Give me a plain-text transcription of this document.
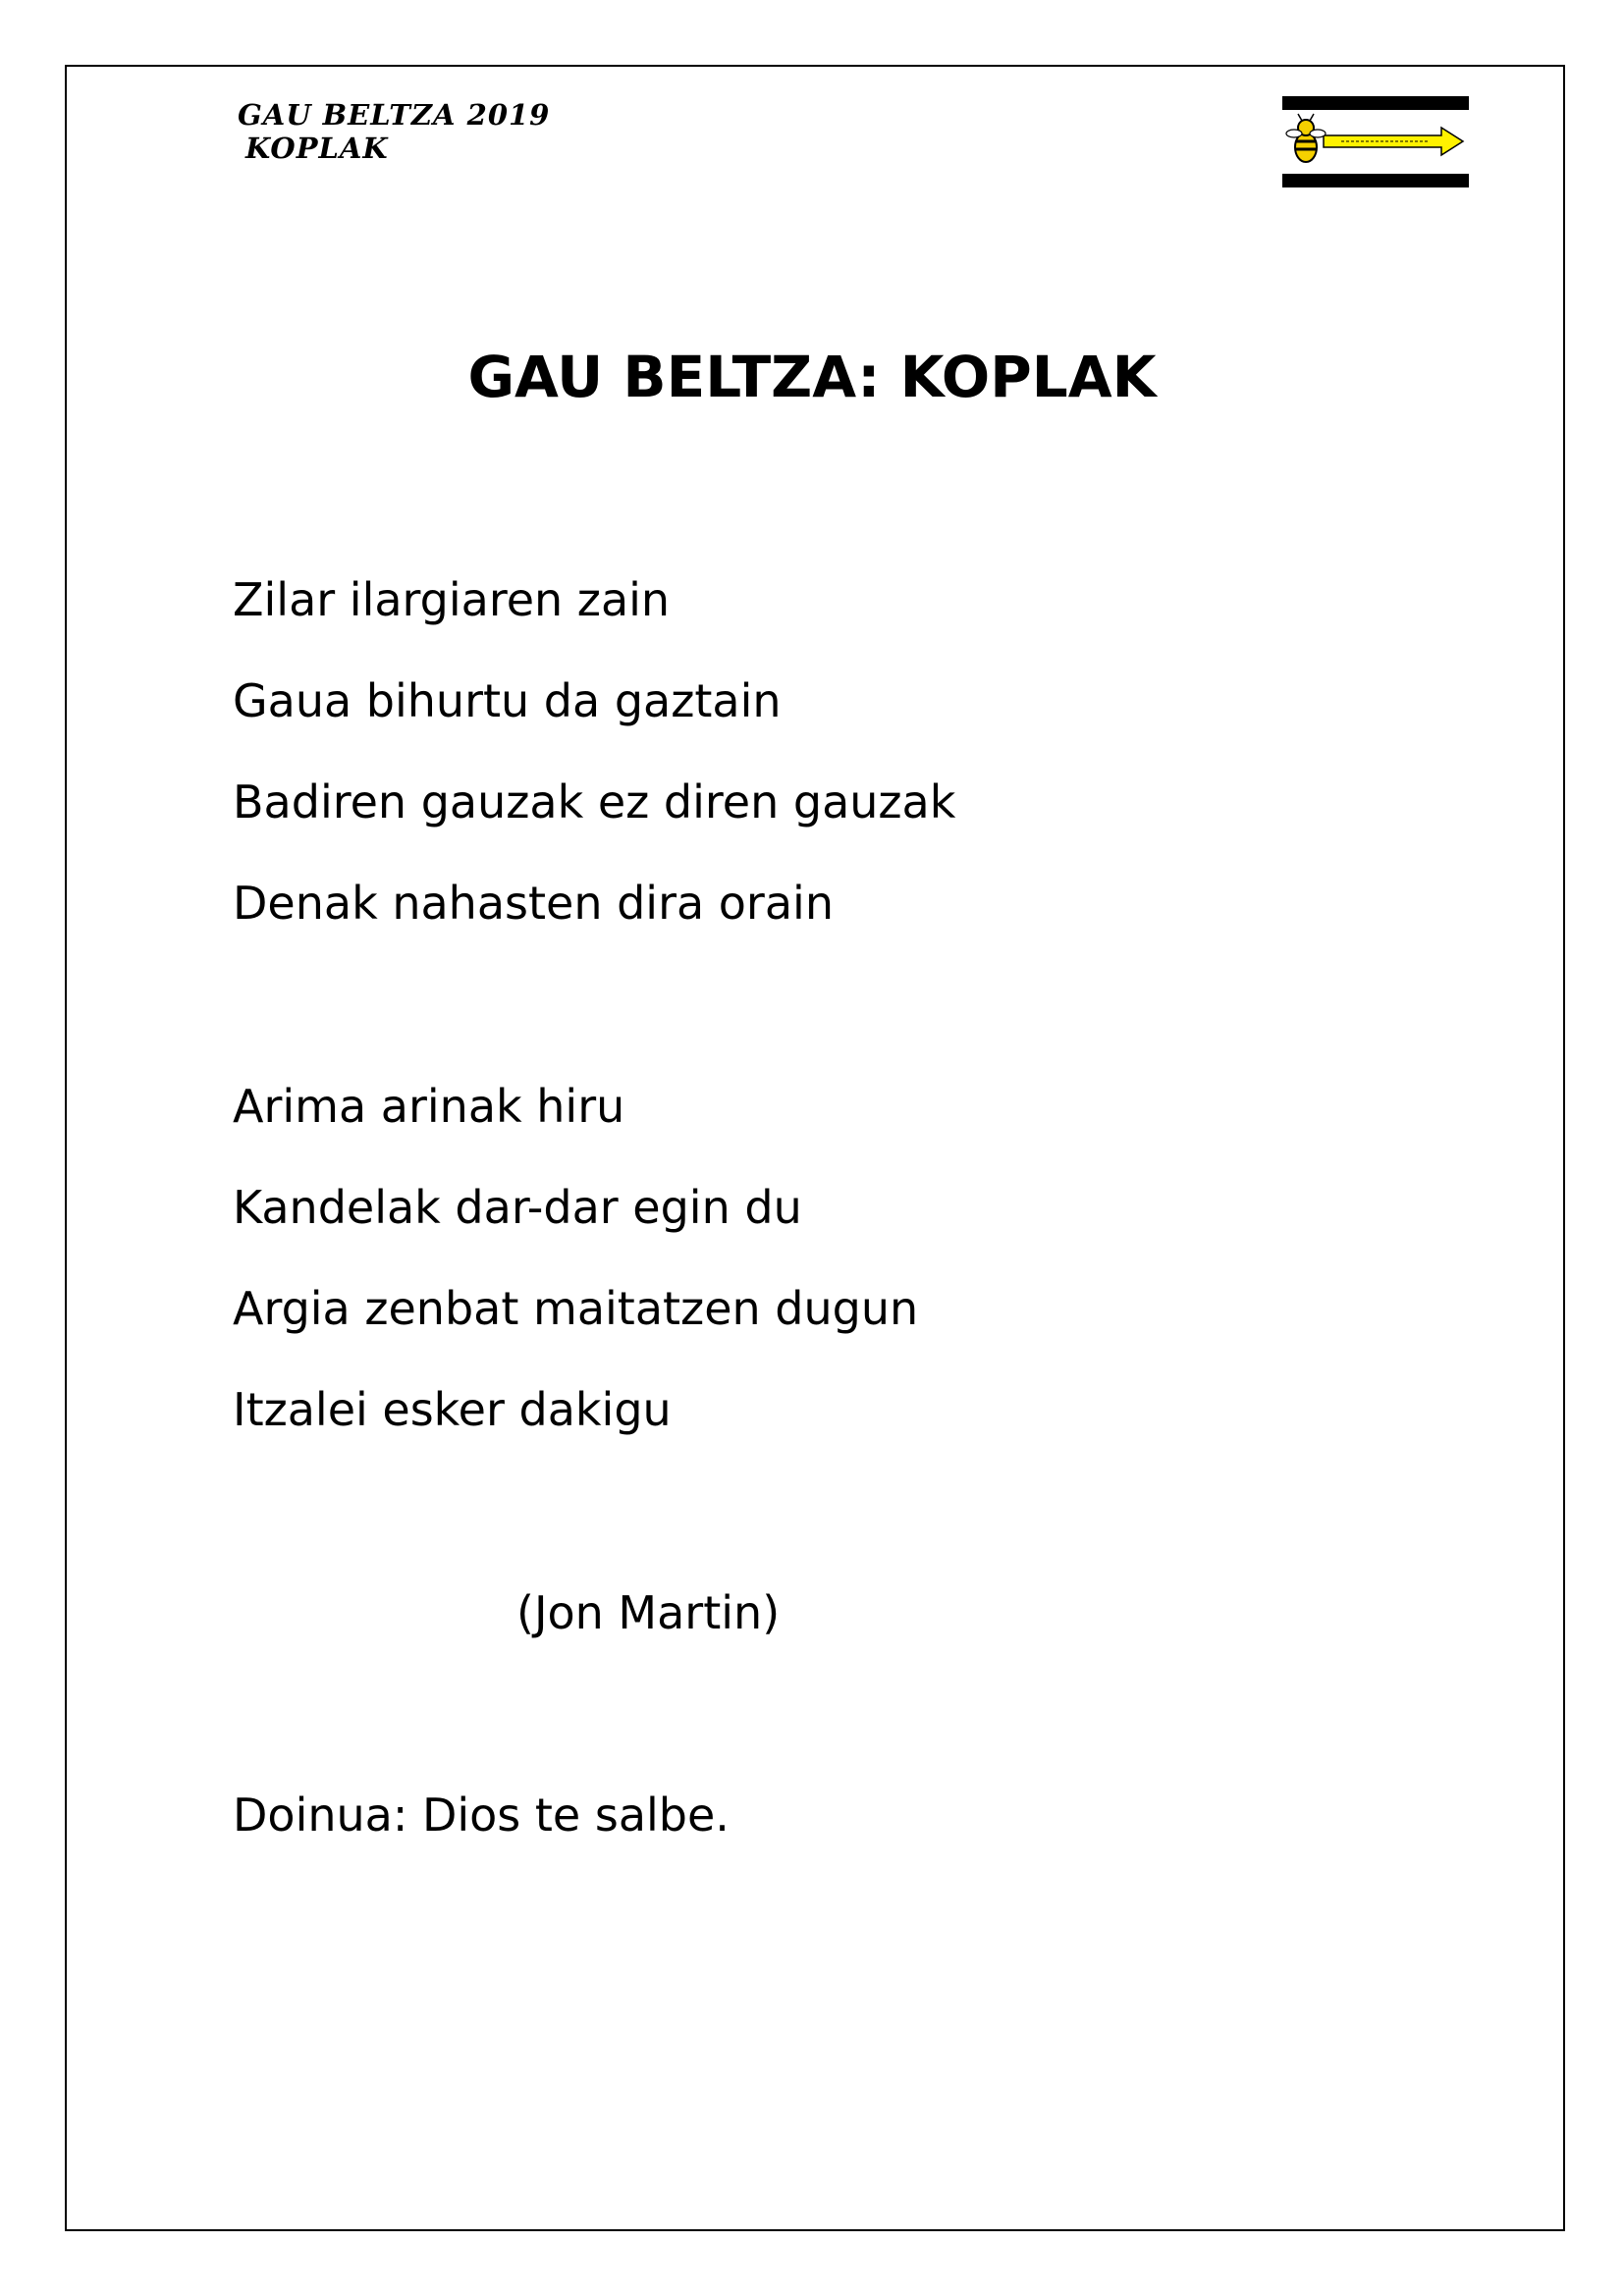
GAU BELTZA 2019
KOPLAK
GAU BELTZA: KOPLAK
Zilar ilargiaren zain
Gaua bihurtu da gaztain
Badiren gauzak ez diren gauzak
Denak nahasten dira orain
Arima arinak hiru
Kandelak dar-dar egin du
Argia zenbat maitatzen dugun
Itzalei esker dakigu
(Jon Martin)
Doinua: Dios te salbe.
